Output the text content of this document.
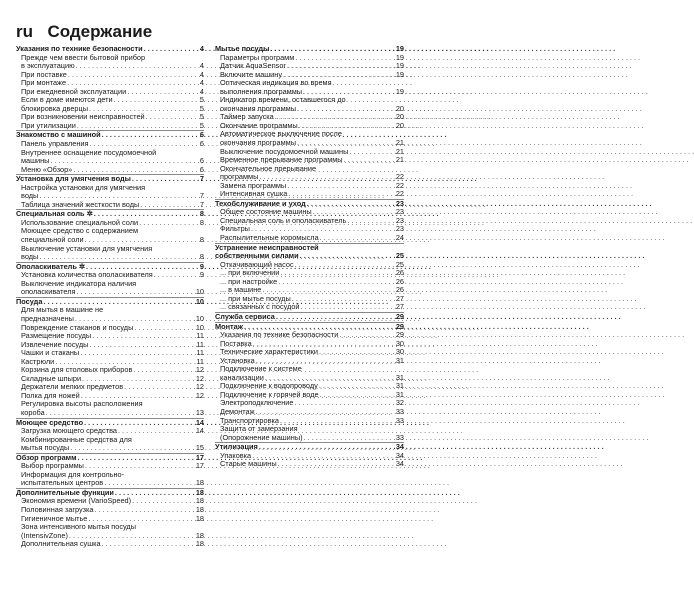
ru Содержание
Указания по технике безопасности . . .	4
Прежде чем ввести бытовой прибор
в эксплуатацию . . .	4
При поставке . . .	4
При монтаже . . .	4
При ежедневной эксплуатации . . .	4
Если в доме имеются дети . . .	5
блокировка дверцы . . .	5
При возникновении неисправностей . . .	5
При утилизации . . .	5
Знакомство с машиной . . .	6
Панель управления . . .	6
Внутреннее оснащение посудомоечной
машины . . .	6
Меню «Обзор» . . .	6
Установка для умягчения воды . . .	7
Настройка установки для умягчения
воды . . .	7
Таблица значений жесткости воды . . .	7
Специальная соль ✲ . . .	8
Использование специальной соли . . .	8
Моющее средство с содержанием
специальной соли . . .	8
Выключение установки для умягчения
воды . . .	8
Ополаскиватель ✲ . . .	9
Установка количества ополаскивателя . . .	9
Выключение индикатора наличия
ополаскивателя . . .	10
Посуда . . .	10
Для мытья в машине не
предназначены . . .	10
Повреждение стаканов и посуды . . .	10
Размещение посуды . . .	11
Извлечение посуды . . .	11
Чашки и стаканы . . .	11
Кастрюли . . .	11
Корзина для столовых приборов . . .	12
Складные шпыри . . .	12
Держатели мелких предметов . . .	12
Полка для ножей . . .	12
Регулировка высоты расположения
короба . . .	13
Моющее средство . . .	14
Загрузка моющего средства . . .	14
Комбинированные средства для
мытья посуды . . .	15
Обзор программ . . .	17
Выбор программы . . .	17
Информация для контрольно-
испытательных центров . . .	18
Дополнительные функции . . .	18
Экономия времени (VarioSpeed) . . .	18
Половинная загрузка . . .	18
Гигиеничное мытье . . .	18
Зона интенсивного мытья посуды
(IntensivZone) . . .	18
Дополнительная сушка . . .	18
Мытье посуды . . .	19
Параметры программ . . .	19
Датчик AquaSensor . . .	19
Включите машину . . .	19
Оптическая индикация во время
выполнения программы . . .	19
Индикатор времени, оставшегося до
окончания программы . . .	20
Таймер запуска . . .	20
Окончание программы . . .	20
Автоматическое выключение после
окончания программы . . .	21
Выключение посудомоечной машины . . .	21
Временное прерывание программы . . .	21
Окончательное прерывание
программы . . .	22
Замена программы . . .	22
Интенсивная сушка . . .	22
Техобслуживание и уход . . .	23
Общее состояние машины . . .	23
Специальная соль и ополаскиватель . . .	23
Фильтры . . .	23
Распылительные коромысла . . .	24
Устранение неисправностей
собственными силами . . .	25
Откачивающий насос . . .	25
... при включении . . .	26
... при настройке . . .	26
... в машине . . .	26
... при мытье посуды . . .	27
... связанных с посудой . . .	27
Служба сервиса . . .	29
Монтаж . . .	29
Указания по технике безопасности . . .	29
Поставка . . .	30
Технические характеристики . . .	30
Установка . . .	31
Подключение к системе
канализации . . .	31
Подключение к водопроводу . . .	31
Подключение к горячей воде . . .	31
Электроподключение . . .	32
Демонтаж . . .	33
Транспортировка . . .	33
Защита от замерзания
(Опорожнение машины) . . .	33
Утилизация . . .	34
Упаковка . . .	34
Старые машины . . .	34
